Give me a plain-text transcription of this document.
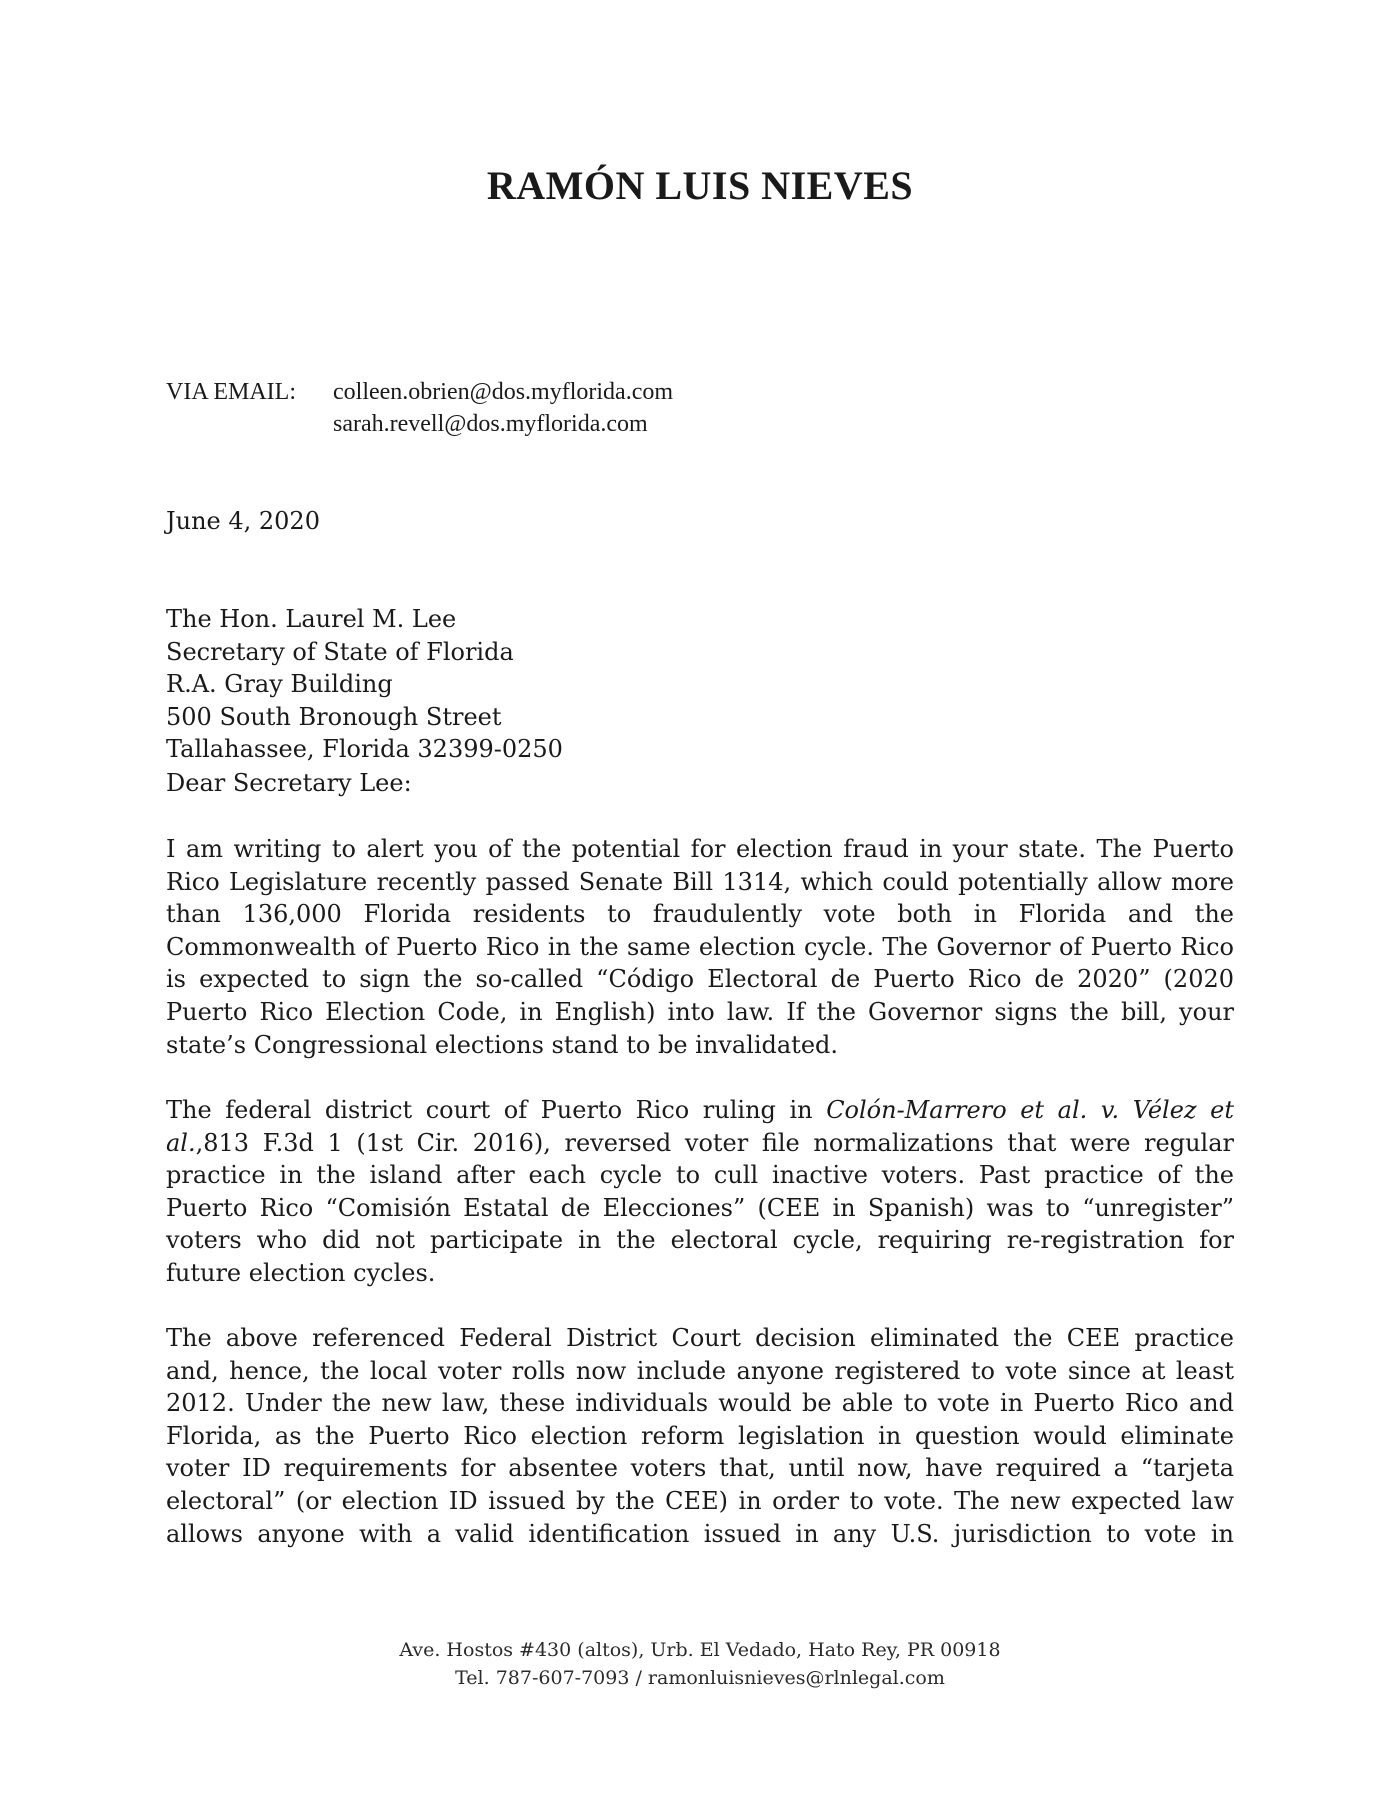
RAMÓN LUIS NIEVES
VIA EMAIL: colleen.obrien@dos.myflorida.com
sarah.revell@dos.myflorida.com
June 4, 2020
The Hon. Laurel M. Lee
Secretary of State of Florida
R.A. Gray Building
500 South Bronough Street
Tallahassee, Florida 32399-0250
Dear Secretary Lee:
I am writing to alert you of the potential for election fraud in your state. The Puerto
Rico Legislature recently passed Senate Bill 1314, which could potentially allow more
than 136,000 Florida residents to fraudulently vote both in Florida and the
Commonwealth of Puerto Rico in the same election cycle. The Governor of Puerto Rico
is expected to sign the so-called “Código Electoral de Puerto Rico de 2020” (2020
Puerto Rico Election Code, in English) into law. If the Governor signs the bill, your
state’s Congressional elections stand to be invalidated.
The federal district court of Puerto Rico ruling in Colón-Marrero et al. v. Vélez et
al.,813 F.3d 1 (1st Cir. 2016), reversed voter file normalizations that were regular
practice in the island after each cycle to cull inactive voters. Past practice of the
Puerto Rico “Comisión Estatal de Elecciones” (CEE in Spanish) was to “unregister”
voters who did not participate in the electoral cycle, requiring re-registration for
future election cycles.
The above referenced Federal District Court decision eliminated the CEE practice
and, hence, the local voter rolls now include anyone registered to vote since at least
2012. Under the new law, these individuals would be able to vote in Puerto Rico and
Florida, as the Puerto Rico election reform legislation in question would eliminate
voter ID requirements for absentee voters that, until now, have required a “tarjeta
electoral” (or election ID issued by the CEE) in order to vote. The new expected law
allows anyone with a valid identification issued in any U.S. jurisdiction to vote in
Ave. Hostos #430 (altos), Urb. El Vedado, Hato Rey, PR 00918
Tel. 787-607-7093 / ramonluisnieves@rlnlegal.com
